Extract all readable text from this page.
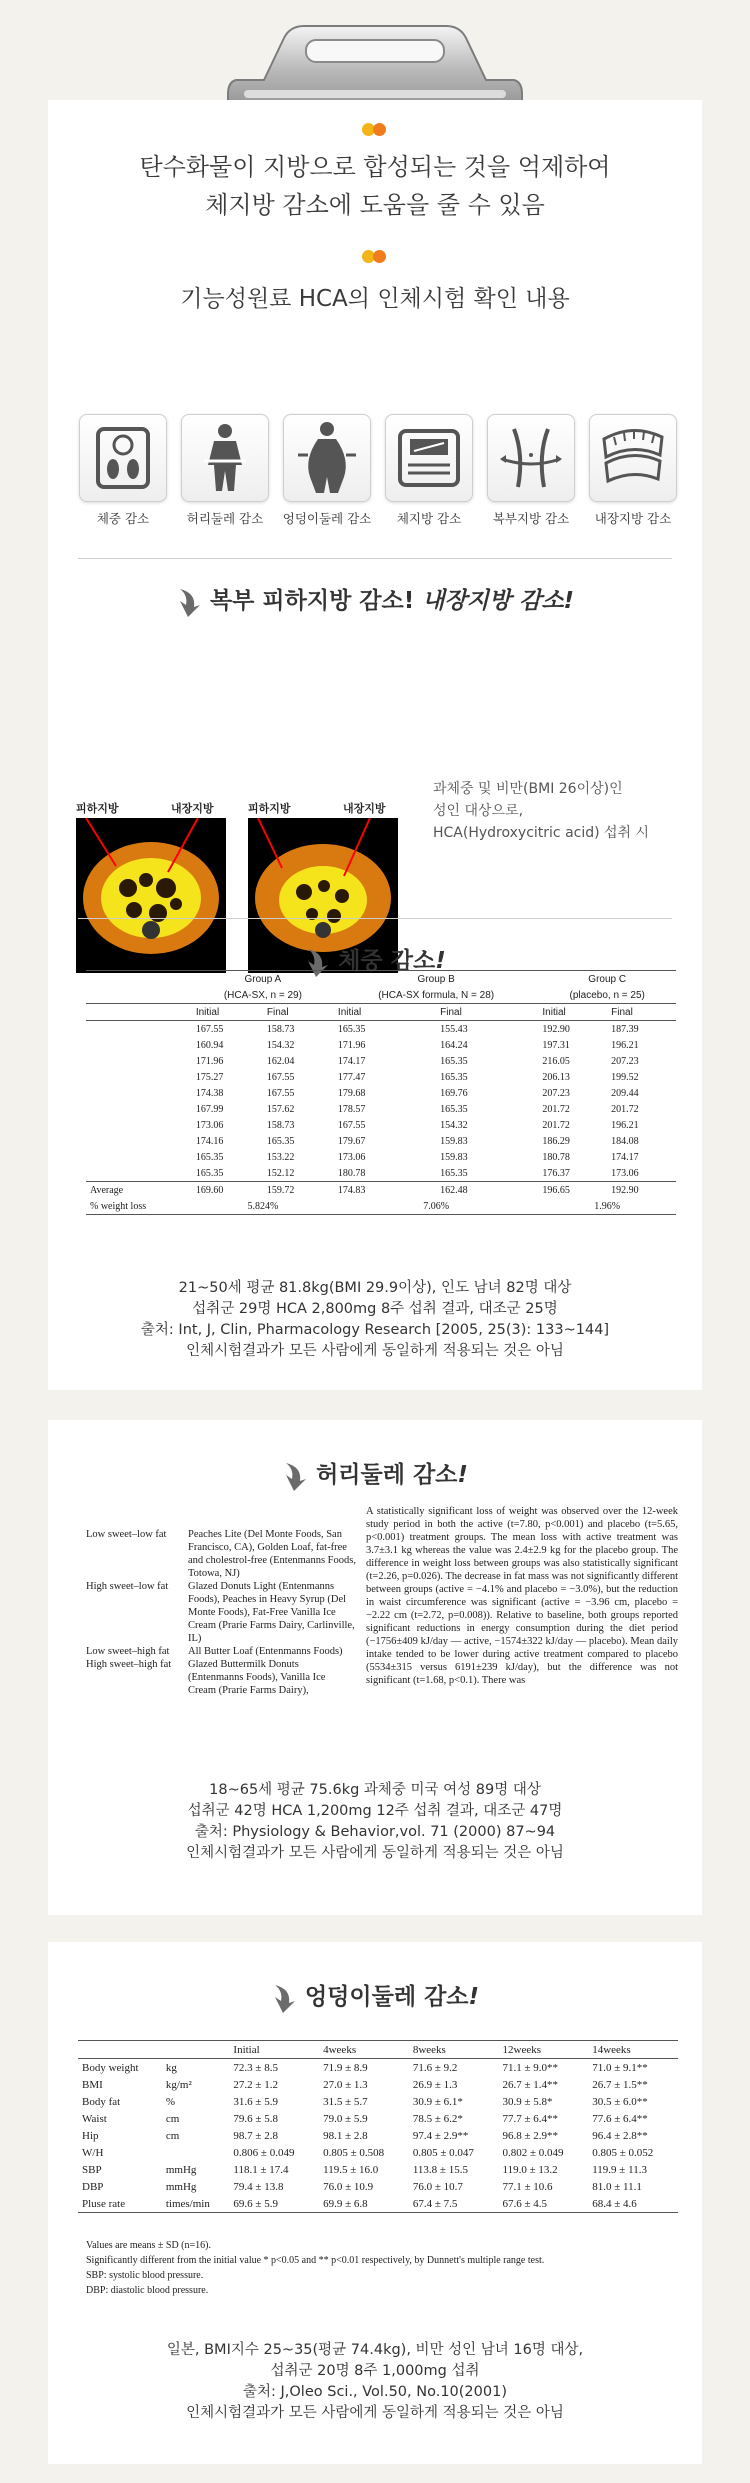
탄수화물이 지방으로 합성되는 것을 억제하여
체지방 감소에 도움을 줄 수 있음
기능성원료 HCA의 인체시험 확인 내용
체중 감소	허리둘레 감소	엉덩이둘레 감소	체지방 감소	복부지방 감소	내장지방 감소
복부 피하지방 감소! 내장지방 감소!
피하지방	내장지방	피하지방	내장지방
과체중 및 비만(BMI 26이상)인
성인 대상으로,
HCA(Hydroxycitric acid) 섭취 시
체중 감소!
	Group A		Group B		Group C	
	(HCA-SX, n = 29)		(HCA-SX formula, N = 28)		(placebo, n = 25)	
	Initial	Final	Initial	Final	Initial	Final
	167.55	158.73	165.35	155.43	192.90	187.39
	160.94	154.32	171.96	164.24	197.31	196.21
	171.96	162.04	174.17	165.35	216.05	207.23
	175.27	167.55	177.47	165.35	206.13	199.52
	174.38	167.55	179.68	169.76	207.23	209.44
	167.99	157.62	178.57	165.35	201.72	201.72
	173.06	158.73	167.55	154.32	201.72	196.21
	174.16	165.35	179.67	159.83	186.29	184.08
	165.35	153.22	173.06	159.83	180.78	174.17
	165.35	152.12	180.78	165.35	176.37	173.06
Average	169.60	159.72	174.83	162.48	196.65	192.90
% weight loss	5.824%		7.06%		1.96%	
21~50세 평균 81.8kg(BMI 29.9이상), 인도 남녀 82명 대상
섭취군 29명 HCA 2,800mg 8주 섭취 결과, 대조군 25명
출처: Int, J, Clin, Pharmacology Research [2005, 25(3): 133~144]
인체시험결과가 모든 사람에게 동일하게 적용되는 것은 아님
허리둘레 감소!
Low sweet–low fat	Peaches Lite (Del Monte Foods, San Francisco, CA), Golden Loaf, fat-free and cholestrol-free (Entenmanns Foods, Totowa, NJ)
High sweet–low fat	Glazed Donuts Light (Entenmanns Foods), Peaches in Heavy Syrup (Del Monte Foods), Fat-Free Vanilla Ice Cream (Prarie Farms Dairy, Carlinville, IL)
Low sweet–high fat	All Butter Loaf (Entenmanns Foods)
High sweet–high fat	Glazed Buttermilk Donuts (Entenmanns Foods), Vanilla Ice Cream (Prarie Farms Dairy),
A statistically significant loss of weight was observed over the 12-week study period in both the active (t=7.80, p<0.001) and placebo (t=5.65, p<0.001) treatment groups. The mean loss with active treatment was 3.7±3.1 kg whereas the value was 2.4±2.9 kg for the placebo group. The difference in weight loss between groups was also statistically significant (t=2.26, p=0.026). The decrease in fat mass was not significantly different between groups (active = −4.1% and placebo = −3.0%), but the reduction in waist circumference was significant (active = −3.96 cm, placebo = −2.22 cm (t=2.72, p=0.008)). Relative to baseline, both groups reported significant reductions in energy consumption during the diet period (−1756±409 kJ/day — active, −1574±322 kJ/day — placebo). Mean daily intake tended to be lower during active treatment compared to placebo (5534±315 versus 6191±239 kJ/day), but the difference was not significant (t=1.68, p<0.1). There was
18~65세 평균 75.6kg 과체중 미국 여성 89명 대상
섭취군 42명 HCA 1,200mg 12주 섭취 결과, 대조군 47명
출처: Physiology & Behavior,vol. 71 (2000) 87~94
인체시험결과가 모든 사람에게 동일하게 적용되는 것은 아님
엉덩이둘레 감소!
		Initial	4weeks	8weeks	12weeks	14weeks
Body weight	kg	72.3 ± 8.5	71.9 ± 8.9	71.6 ± 9.2	71.1 ± 9.0**	71.0 ± 9.1**
BMI	kg/m²	27.2 ± 1.2	27.0 ± 1.3	26.9 ± 1.3	26.7 ± 1.4**	26.7 ± 1.5**
Body fat	%	31.6 ± 5.9	31.5 ± 5.7	30.9 ± 6.1*	30.9 ± 5.8*	30.5 ± 6.0**
Waist	cm	79.6 ± 5.8	79.0 ± 5.9	78.5 ± 6.2*	77.7 ± 6.4**	77.6 ± 6.4**
Hip	cm	98.7 ± 2.8	98.1 ± 2.8	97.4 ± 2.9**	96.8 ± 2.9**	96.4 ± 2.8**
W/H		0.806 ± 0.049	0.805 ± 0.508	0.805 ± 0.047	0.802 ± 0.049	0.805 ± 0.052
SBP	mmHg	118.1 ± 17.4	119.5 ± 16.0	113.8 ± 15.5	119.0 ± 13.2	119.9 ± 11.3
DBP	mmHg	79.4 ± 13.8	76.0 ± 10.9	76.0 ± 10.7	77.1 ± 10.6	81.0 ± 11.1
Pluse rate	times/min	69.6 ± 5.9	69.9 ± 6.8	67.4 ± 7.5	67.6 ± 4.5	68.4 ± 4.6
Values are means ± SD (n=16).
Significantly different from the initial value * p<0.05 and ** p<0.01 respectively, by Dunnett's multiple range test.
SBP: systolic blood pressure.
DBP: diastolic blood pressure.
일본, BMI지수 25~35(평균 74.4kg), 비만 성인 남녀 16명 대상,
섭취군 20명 8주 1,000mg 섭취
출처: J,Oleo Sci., Vol.50, No.10(2001)
인체시험결과가 모든 사람에게 동일하게 적용되는 것은 아님
